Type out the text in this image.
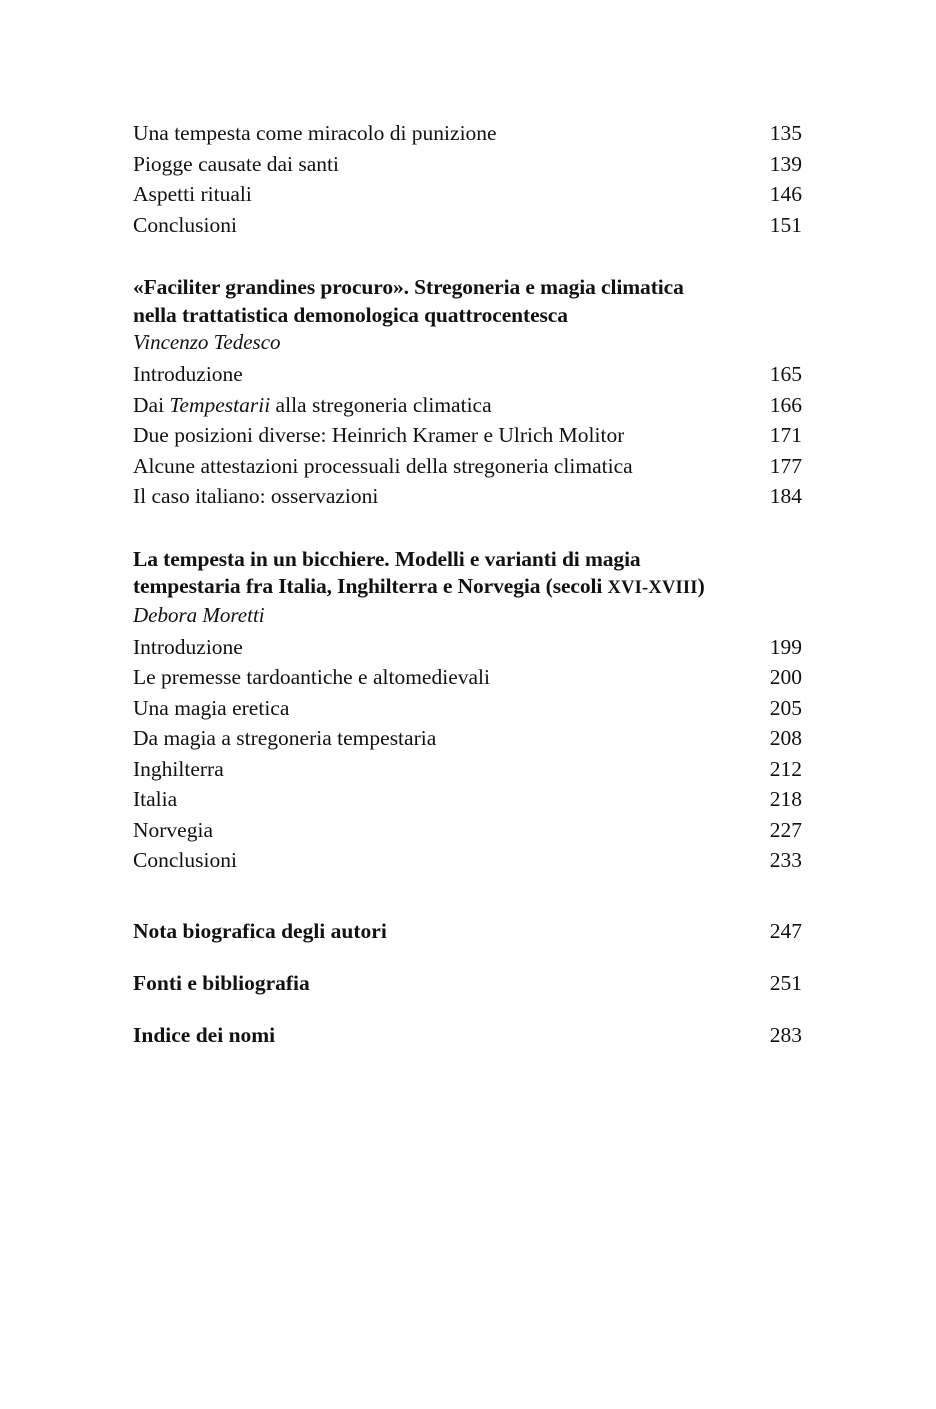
Una tempesta come miracolo di punizione	135
Piogge causate dai santi	139
Aspetti rituali	146
Conclusioni	151
«Faciliter grandines procuro». Stregoneria e magia climatica
nella trattatistica demonologica quattrocentesca
Vincenzo Tedesco
Introduzione	165
Dai Tempestarii alla stregoneria climatica	166
Due posizioni diverse: Heinrich Kramer e Ulrich Molitor	171
Alcune attestazioni processuali della stregoneria climatica	177
Il caso italiano: osservazioni	184
La tempesta in un bicchiere. Modelli e varianti di magia
tempestaria fra Italia, Inghilterra e Norvegia (secoli XVI-XVIII)
Debora Moretti
Introduzione	199
Le premesse tardoantiche e altomedievali	200
Una magia eretica	205
Da magia a stregoneria tempestaria	208
Inghilterra	212
Italia	218
Norvegia	227
Conclusioni	233
Nota biografica degli autori	247
Fonti e bibliografia	251
Indice dei nomi	283
